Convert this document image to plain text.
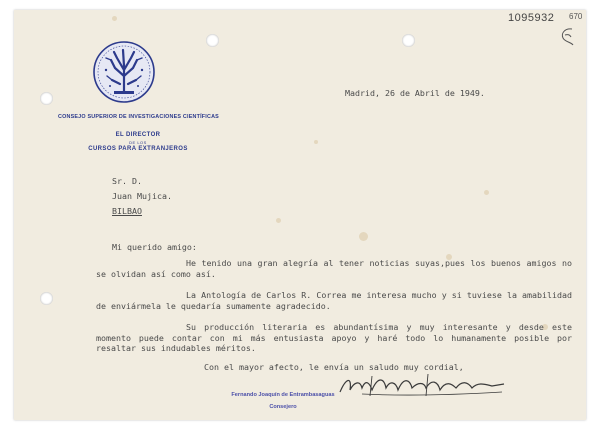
1095932 670
CONSEJO SUPERIOR DE INVESTIGACIONES CIENTÍFICAS
EL DIRECTOR
DE LOS
CURSOS PARA EXTRANJEROS
Madrid, 26 de Abril de 1949.
Sr. D.
Juan Mujica.
BILBAO
Mi querido amigo:

He tenido una gran alegría al tener noticias suyas,pues los buenos amigos no se olvidan así como así.

La Antología de Carlos R. Correa me interesa mucho y si tuviese la amabilidad de enviármela le quedaría sumamente agradecido.

Su producción literaria es abundantísima y muy interesante y desde este momento puede contar con mi más entusiasta apoyo y haré todo lo humanamente posible por resaltar sus indudables méritos.

Con el mayor afecto, le envía un saludo muy cordial,
Fernando Joaquín de Entrambasaguas
Consejero
